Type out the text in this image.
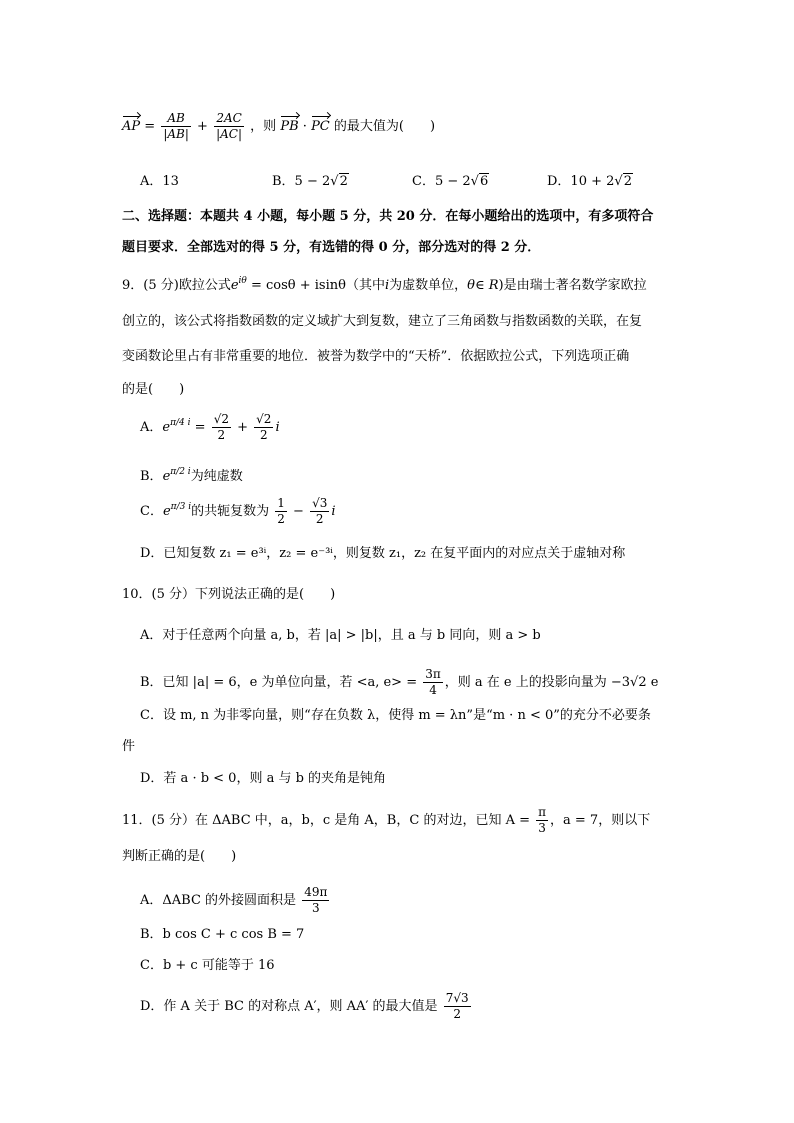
AP = $\frac{AB}{|AB|} + \frac{2AC}{|AC|}$ ，则 PB · PC 的最大值为(　　)
A．13	B．5 − 2√2	C．5 − 2√6	D．10 + 2√2
二、选择题：本题共 4 小题，每小题 5 分，共 20 分．在每小题给出的选项中，有多项符合
题目要求．全部选对的得 5 分，有选错的得 0 分，部分选对的得 2 分．
9．(5 分)欧拉公式$e^{i\theta} = \cos\theta + isin\theta$（其中i为虚数单位，θ∈ R)是由瑞士著名数学家欧拉
创立的，该公式将指数函数的定义域扩大到复数，建立了三角函数与指数函数的关联，在复
变函数论里占有非常重要的地位．被誉为数学中的“天桥”．依据欧拉公式，下列选项正确
的是(　　)
A．$e^{\pi/4 i} = \frac{√2}{2} + \frac{√2}{2}$ i
B．$e^{\pi/2 i}$为纯虚数
C．$e^{\pi/3 i}$的共轭复数为 $\frac{1}{2} - \frac{√3}{2}$ i
D．已知复数 z₁ = e³ⁱ，z₂ = e⁻³ⁱ，则复数 z₁，z₂ 在复平面内的对应点关于虚轴对称
10．(5 分）下列说法正确的是(　　)
A．对于任意两个向量 a, b，若 |a| > |b|，且 a 与 b 同向，则 a > b
B．已知 |a| = 6，e 为单位向量，若 <a, $e> = \frac{3\pi}{4}$ ，则 a 在 e 上的投影向量为 −3√2 e
C．设 m, n 为非零向量，则“存在负数 λ，使得 m = λn”是“m · n < 0”的充分不必要条
件
D．若 a · b < 0，则 a 与 b 的夹角是钝角
11．(5 分）在 ΔABC 中，a，b，c 是角 A，B，C 的对边，已知 $A = \frac{\pi}{3}$ ，a = 7，则以下
判断正确的是(　　)
A．ΔABC 的外接圆面积是 $\frac{49\pi}{3}$
B．b cos C + c cos B = 7
C．b + c 可能等于 16
D．作 A 关于 BC 的对称点 A′，则 AA′ 的最大值是 $\frac{7√3}{2}$
